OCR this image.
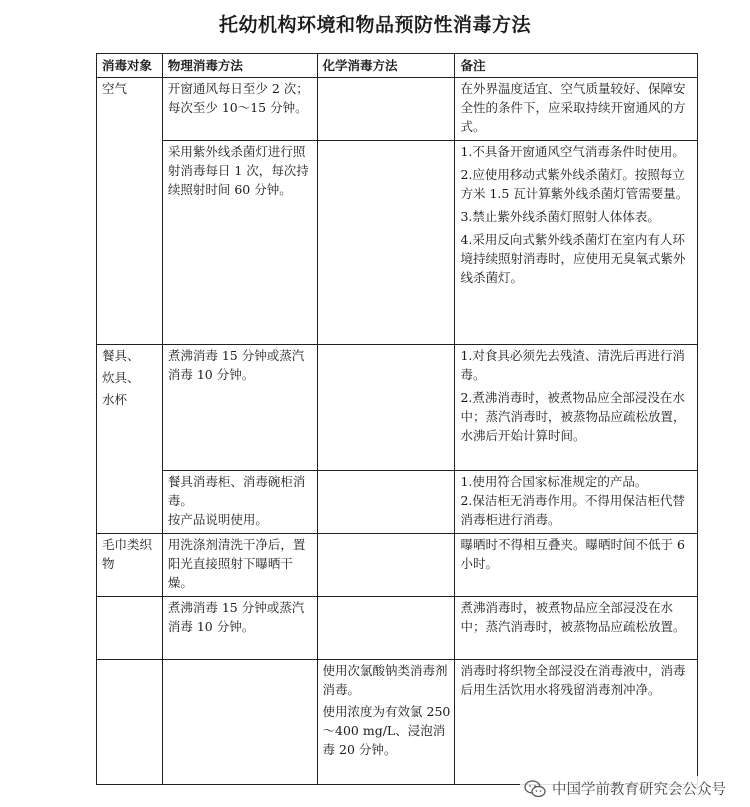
托幼机构环境和物品预防性消毒方法
消毒对象	物理消毒方法	化学消毒方法	备注
空气	开窗通风每日至少 2 次；每次至少 10～15 分钟。		在外界温度适宜、空气质量较好、保障安全性的条件下，应采取持续开窗通风的方式。
	采用紫外线杀菌灯进行照射消毒每日 1 次，每次持续照射时间 60 分钟。		1.不具备开窗通风空气消毒条件时使用。
2.应使用移动式紫外线杀菌灯。按照每立方米 1.5 瓦计算紫外线杀菌灯管需要量。
3.禁止紫外线杀菌灯照射人体体表。
4.采用反向式紫外线杀菌灯在室内有人环境持续照射消毒时，应使用无臭氧式紫外线杀菌灯。

餐具、
炊具、
水杯	煮沸消毒 15 分钟或蒸汽消毒 10 分钟。		1.对食具必须先去残渣、清洗后再进行消毒。
2.煮沸消毒时，被煮物品应全部浸没在水中；蒸汽消毒时，被蒸物品应疏松放置，水沸后开始计算时间。

	餐具消毒柜、消毒碗柜消毒。
按产品说明使用。		1.使用符合国家标准规定的产品。
2.保洁柜无消毒作用。不得用保洁柜代替消毒柜进行消毒。

毛巾类织物	用洗涤剂清洗干净后，置阳光直接照射下曝晒干燥。		曝晒时不得相互叠夹。曝晒时间不低于 6 小时。
	煮沸消毒 15 分钟或蒸汽消毒 10 分钟。		煮沸消毒时，被煮物品应全部浸没在水中；蒸汽消毒时，被蒸物品应疏松放置。

		使用次氯酸钠类消毒剂消毒。
使用浓度为有效氯 250～400 mg/L、浸泡消毒 20 分钟。	消毒时将织物全部浸没在消毒液中，消毒后用生活饮用水将残留消毒剂冲净。
中国学前教育研究会公众号
